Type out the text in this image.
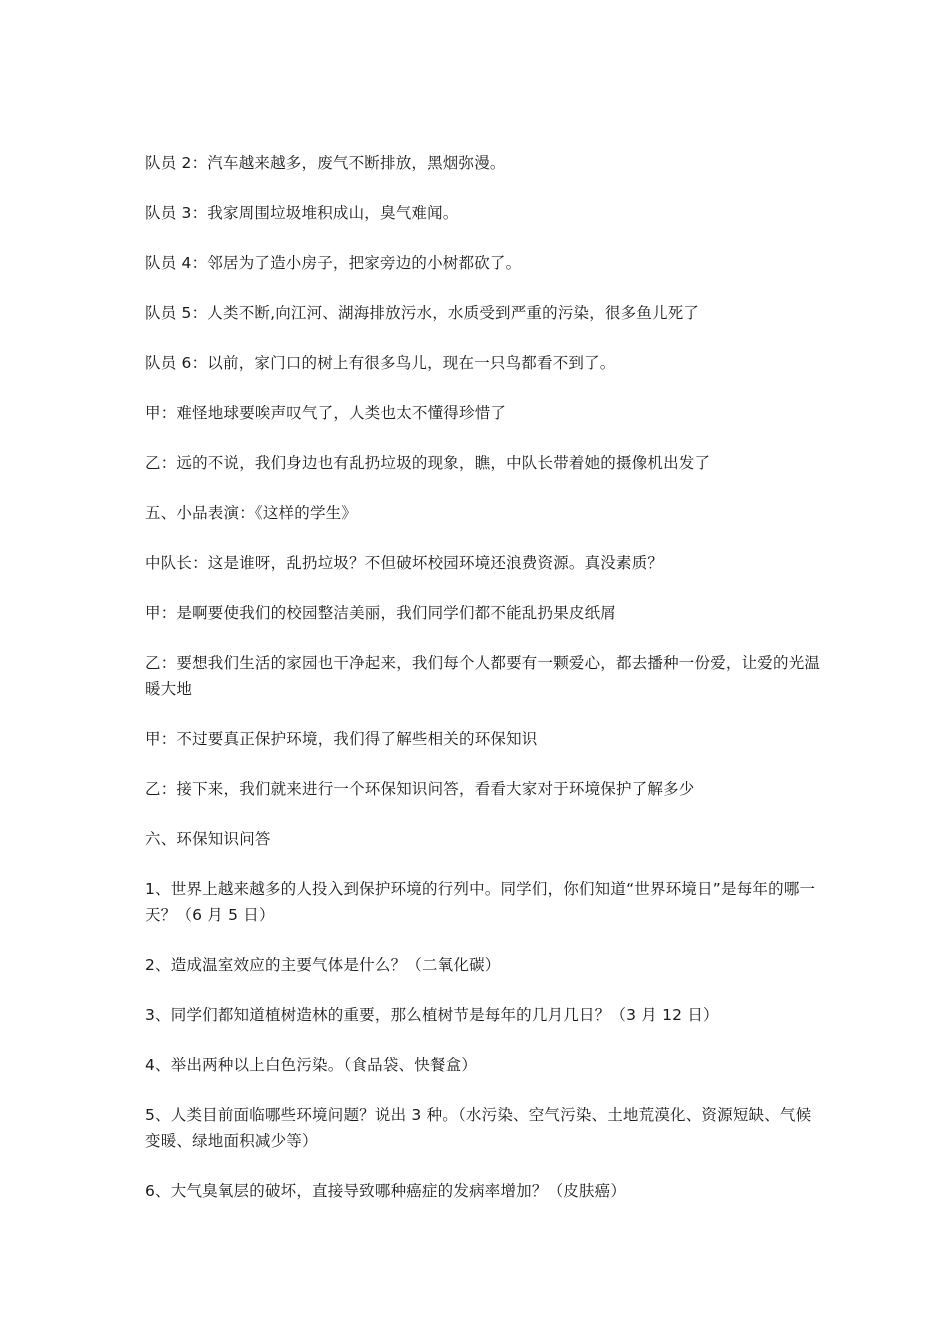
队员 2：汽车越来越多，废气不断排放，黑烟弥漫。

队员 3：我家周围垃圾堆积成山，臭气难闻。

队员 4：邻居为了造小房子，把家旁边的小树都砍了。

队员 5：人类不断,向江河、湖海排放污水，水质受到严重的污染，很多鱼儿死了

队员 6：以前，家门口的树上有很多鸟儿，现在一只鸟都看不到了。

甲：难怪地球要唉声叹气了，人类也太不懂得珍惜了

乙：远的不说，我们身边也有乱扔垃圾的现象，瞧，中队长带着她的摄像机出发了

五、小品表演：《这样的学生》

中队长：这是谁呀，乱扔垃圾？不但破坏校园环境还浪费资源。真没素质？

甲：是啊要使我们的校园整洁美丽，我们同学们都不能乱扔果皮纸屑

乙：要想我们生活的家园也干净起来，我们每个人都要有一颗爱心，都去播种一份爱，让爱的光温暖大地

甲：不过要真正保护环境，我们得了解些相关的环保知识

乙：接下来，我们就来进行一个环保知识问答，看看大家对于环境保护了解多少

六、环保知识问答

1、世界上越来越多的人投入到保护环境的行列中。同学们，你们知道“世界环境日”是每年的哪一天？（6 月 5 日）

2、造成温室效应的主要气体是什么？（二氧化碳）

3、同学们都知道植树造林的重要，那么植树节是每年的几月几日？（3 月 12 日）

4、举出两种以上白色污染。（食品袋、快餐盒）

5、人类目前面临哪些环境问题？说出 3 种。（水污染、空气污染、土地荒漠化、资源短缺、气候变暖、绿地面积减少等）

6、大气臭氧层的破坏，直接导致哪种癌症的发病率增加？（皮肤癌）
